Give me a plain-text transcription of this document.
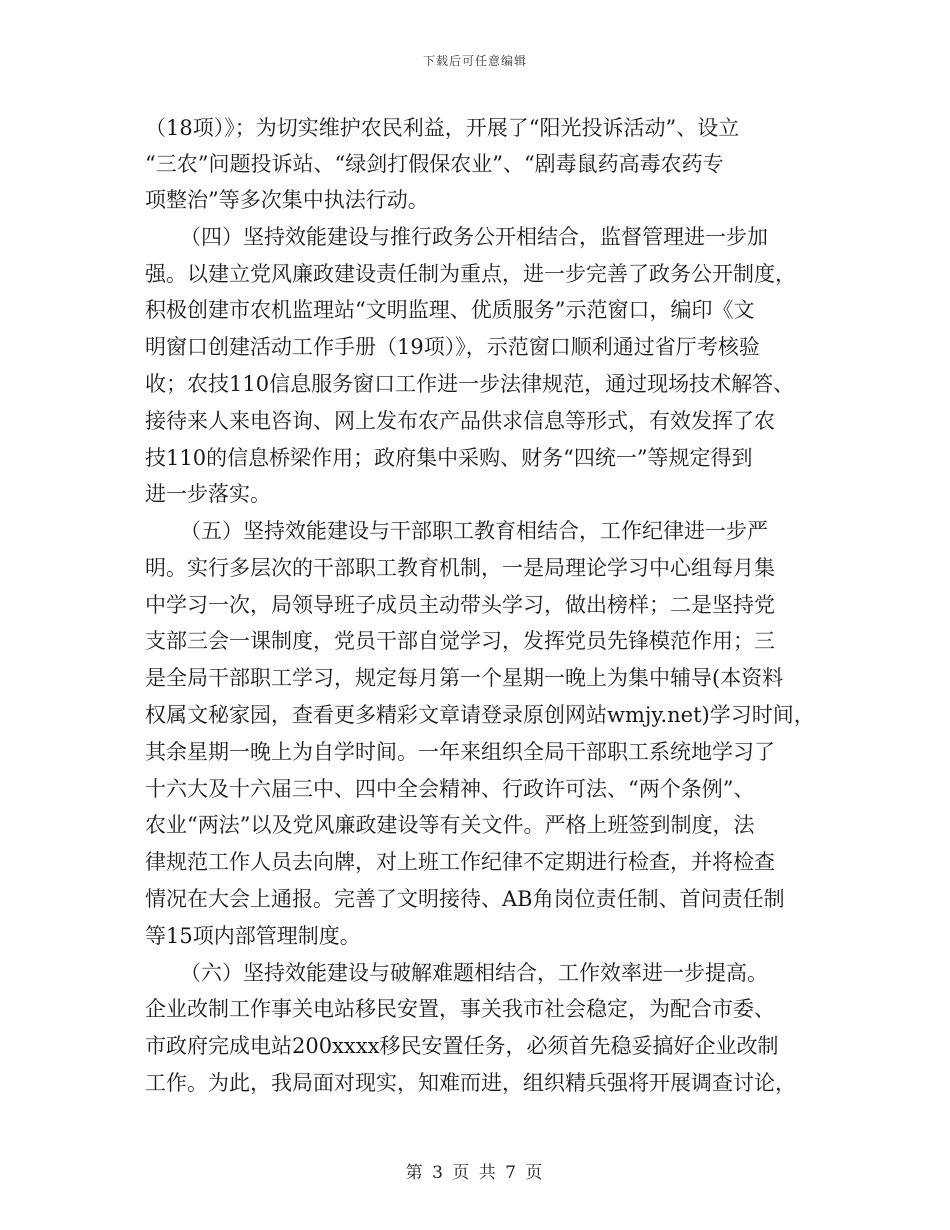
下载后可任意编辑
（18项）》；为切实维护农民利益，开展了“阳光投诉活动”、设立
“三农”问题投诉站、“绿剑打假保农业”、“剧毒鼠药高毒农药专
项整治”等多次集中执法行动。
（四）坚持效能建设与推行政务公开相结合，监督管理进一步加
强。以建立党风廉政建设责任制为重点，进一步完善了政务公开制度，
积极创建市农机监理站“文明监理、优质服务”示范窗口，编印《文
明窗口创建活动工作手册（19项）》，示范窗口顺利通过省厅考核验
收；农技110信息服务窗口工作进一步法律规范，通过现场技术解答、
接待来人来电咨询、网上发布农产品供求信息等形式，有效发挥了农
技110的信息桥梁作用；政府集中采购、财务“四统一”等规定得到
进一步落实。
（五）坚持效能建设与干部职工教育相结合，工作纪律进一步严
明。实行多层次的干部职工教育机制，一是局理论学习中心组每月集
中学习一次，局领导班子成员主动带头学习，做出榜样；二是坚持党
支部三会一课制度，党员干部自觉学习，发挥党员先锋模范作用；三
是全局干部职工学习，规定每月第一个星期一晚上为集中辅导(本资料
权属文秘家园，查看更多精彩文章请登录原创网站wmjy.net)学习时间，
其余星期一晚上为自学时间。一年来组织全局干部职工系统地学习了
十六大及十六届三中、四中全会精神、行政许可法、“两个条例”、
农业“两法”以及党风廉政建设等有关文件。严格上班签到制度，法
律规范工作人员去向牌，对上班工作纪律不定期进行检查，并将检查
情况在大会上通报。完善了文明接待、AB角岗位责任制、首问责任制
等15项内部管理制度。
（六）坚持效能建设与破解难题相结合，工作效率进一步提高。
企业改制工作事关电站移民安置，事关我市社会稳定，为配合市委、
市政府完成电站200xxxx移民安置任务，必须首先稳妥搞好企业改制
工作。为此，我局面对现实，知难而进，组织精兵强将开展调查讨论，
第 3 页 共 7 页
